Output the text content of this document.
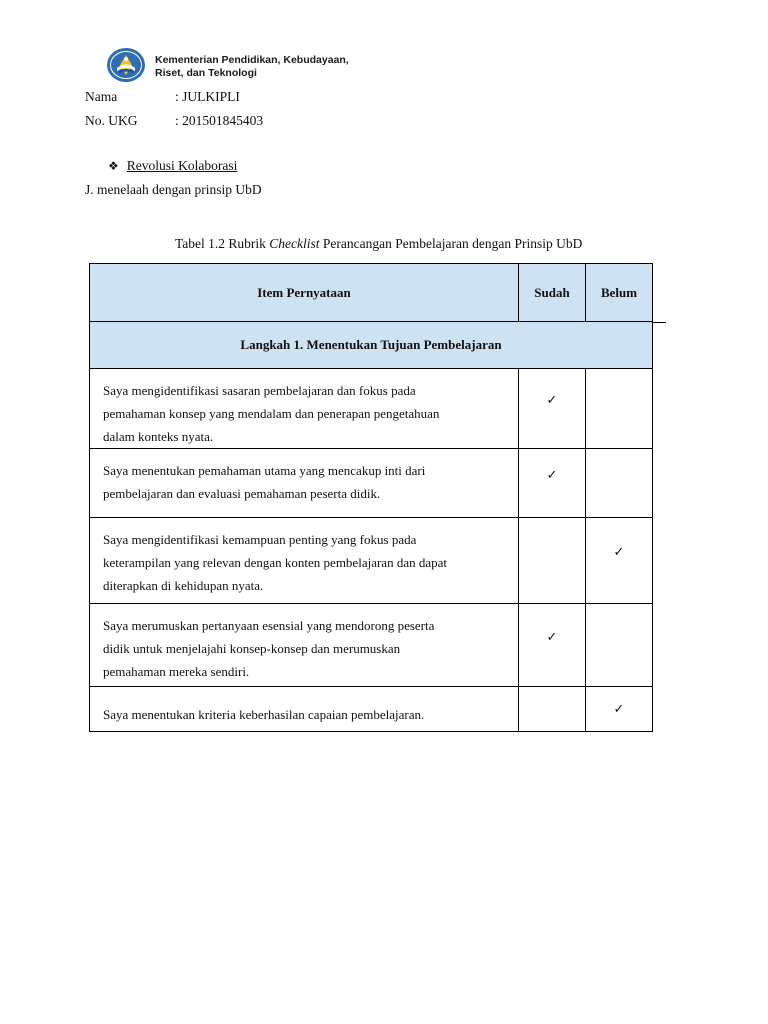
Kementerian Pendidikan, Kebudayaan,
Riset, dan Teknologi
Nama	: JULKIPLI
No. UKG	: 201501845403
❖ Revolusi Kolaborasi
J. menelaah dengan prinsip UbD
Tabel 1.2 Rubrik Checklist Perancangan Pembelajaran dengan Prinsip UbD
Item Pernyataan	Sudah	Belum
Langkah 1. Menentukan Tujuan Pembelajaran		

Saya mengidentifikasi sasaran pembelajaran dan fokus pada
pemahaman konsep yang mendalam dan penerapan pengetahuan
dalam konteks nyata.	✓	

Saya menentukan pemahaman utama yang mencakup inti dari
pembelajaran dan evaluasi pemahaman peserta didik.	✓	

Saya mengidentifikasi kemampuan penting yang fokus pada
keterampilan yang relevan dengan konten pembelajaran dan dapat
diterapkan di kehidupan nyata.		✓

Saya merumuskan pertanyaan esensial yang mendorong peserta
didik untuk menjelajahi konsep-konsep dan merumuskan
pemahaman mereka sendiri.	✓	

Saya menentukan kriteria keberhasilan capaian pembelajaran.		✓
